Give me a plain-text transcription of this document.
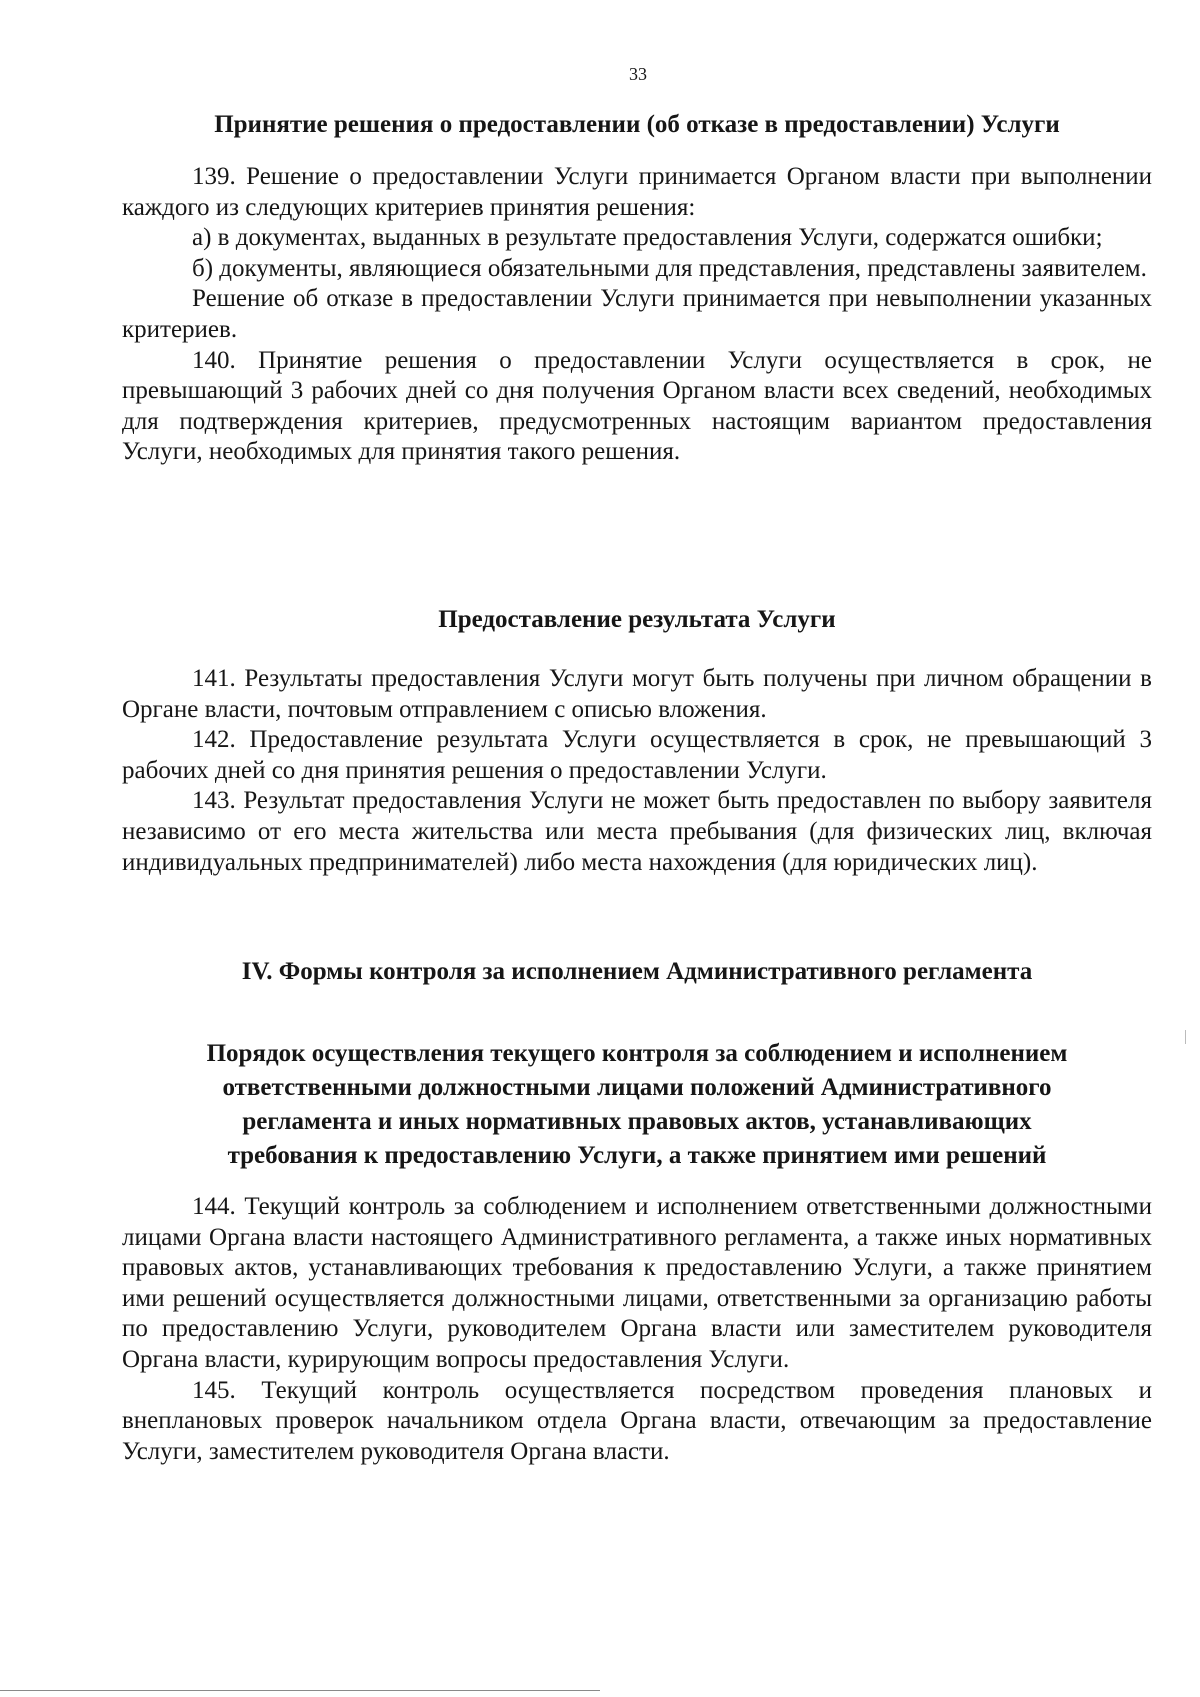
33
Принятие решения о предоставлении (об отказе в предоставлении) Услуги

139. Решение о предоставлении Услуги принимается Органом власти при выполнении каждого из следующих критериев принятия решения:

а) в документах, выданных в результате предоставления Услуги, содержатся ошибки;

б) документы, являющиеся обязательными для представления, представлены заявителем.

Решение об отказе в предоставлении Услуги принимается при невыполнении указанных критериев.

140. Принятие решения о предоставлении Услуги осуществляется в срок, не превышающий 3 рабочих дней со дня получения Органом власти всех сведений, необходимых для подтверждения критериев, предусмотренных настоящим вариантом предоставления Услуги, необходимых для принятия такого решения.

Предоставление результата Услуги

141. Результаты предоставления Услуги могут быть получены при личном обращении в Органе власти, почтовым отправлением с описью вложения.

142. Предоставление результата Услуги осуществляется в срок, не превышающий 3 рабочих дней со дня принятия решения о предоставлении Услуги.

143. Результат предоставления Услуги не может быть предоставлен по выбору заявителя независимо от его места жительства или места пребывания (для физических лиц, включая индивидуальных предпринимателей) либо места нахождения (для юридических лиц).

IV. Формы контроля за исполнением Административного регламента
Порядок осуществления текущего контроля за соблюдением и исполнением
ответственными должностными лицами положений Административного
регламента и иных нормативных правовых актов, устанавливающих
требования к предоставлению Услуги, а также принятием ими решений

144. Текущий контроль за соблюдением и исполнением ответственными должностными лицами Органа власти настоящего Административного регламента, а также иных нормативных правовых актов, устанавливающих требования к предоставлению Услуги, а также принятием ими решений осуществляется должностными лицами, ответственными за организацию работы по предоставлению Услуги, руководителем Органа власти или заместителем руководителя Органа власти, курирующим вопросы предоставления Услуги.

145. Текущий контроль осуществляется посредством проведения плановых и внеплановых проверок начальником отдела Органа власти, отвечающим за предоставление Услуги, заместителем руководителя Органа власти.
